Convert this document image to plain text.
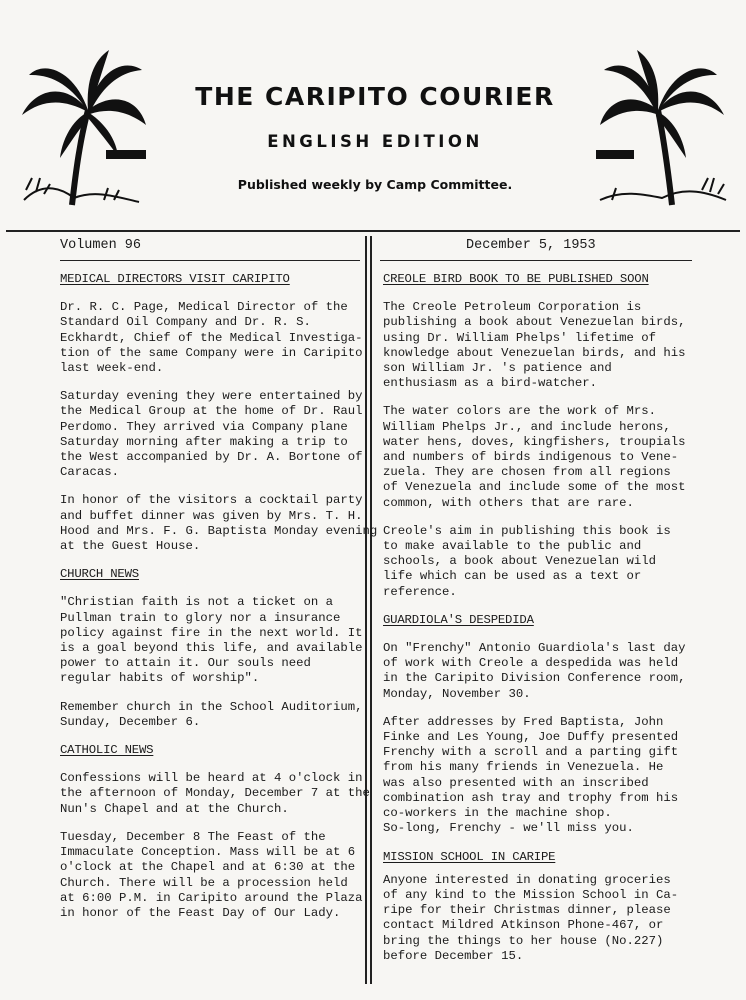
THE CARIPITO COURIER
ENGLISH EDITION
Published weekly by Camp Committee.
Volumen 96	December 5, 1953
MEDICAL DIRECTORS VISIT CARIPITO

Dr. R. C. Page, Medical Director of the
Standard Oil Company and Dr. R. S.
Eckhardt, Chief of the Medical Investiga-
tion of the same Company were in Caripito
last week-end.

Saturday evening they were entertained by
the Medical Group at the home of Dr. Raul
Perdomo. They arrived via Company plane
Saturday morning after making a trip to
the West accompanied by Dr. A. Bortone of
Caracas.

In honor of the visitors a cocktail party
and buffet dinner was given by Mrs. T. H.
Hood and Mrs. F. G. Baptista Monday evening
at the Guest House.

CHURCH NEWS

"Christian faith is not a ticket on a
Pullman train to glory nor a insurance
policy against fire in the next world. It
is a goal beyond this life, and available
power to attain it. Our souls need
regular habits of worship".

Remember church in the School Auditorium,
Sunday, December 6.

CATHOLIC NEWS

Confessions will be heard at 4 o'clock in
the afternoon of Monday, December 7 at the
Nun's Chapel and at the Church.

Tuesday, December 8 The Feast of the
Immaculate Conception. Mass will be at 6
o'clock at the Chapel and at 6:30 at the
Church. There will be a procession held
at 6:00 P.M. in Caripito around the Plaza
in honor of the Feast Day of Our Lady.

CREOLE BIRD BOOK TO BE PUBLISHED SOON

The Creole Petroleum Corporation is
publishing a book about Venezuelan birds,
using Dr. William Phelps' lifetime of
knowledge about Venezuelan birds, and his
son William Jr. 's patience and
enthusiasm as a bird-watcher.

The water colors are the work of Mrs.
William Phelps Jr., and include herons,
water hens, doves, kingfishers, troupials
and numbers of birds indigenous to Vene-
zuela. They are chosen from all regions
of Venezuela and include some of the most
common, with others that are rare.

Creole's aim in publishing this book is
to make available to the public and
schools, a book about Venezuelan wild
life which can be used as a text or
reference.

GUARDIOLA'S DESPEDIDA

On "Frenchy" Antonio Guardiola's last day
of work with Creole a despedida was held
in the Caripito Division Conference room,
Monday, November 30.

After addresses by Fred Baptista, John
Finke and Les Young, Joe Duffy presented
Frenchy with a scroll and a parting gift
from his many friends in Venezuela. He
was also presented with an inscribed
combination ash tray and trophy from his
co-workers in the machine shop.
So-long, Frenchy - we'll miss you.

MISSION SCHOOL IN CARIPE

Anyone interested in donating groceries
of any kind to the Mission School in Ca-
ripe for their Christmas dinner, please
contact Mildred Atkinson Phone-467, or
bring the things to her house (No.227)
before December 15.
